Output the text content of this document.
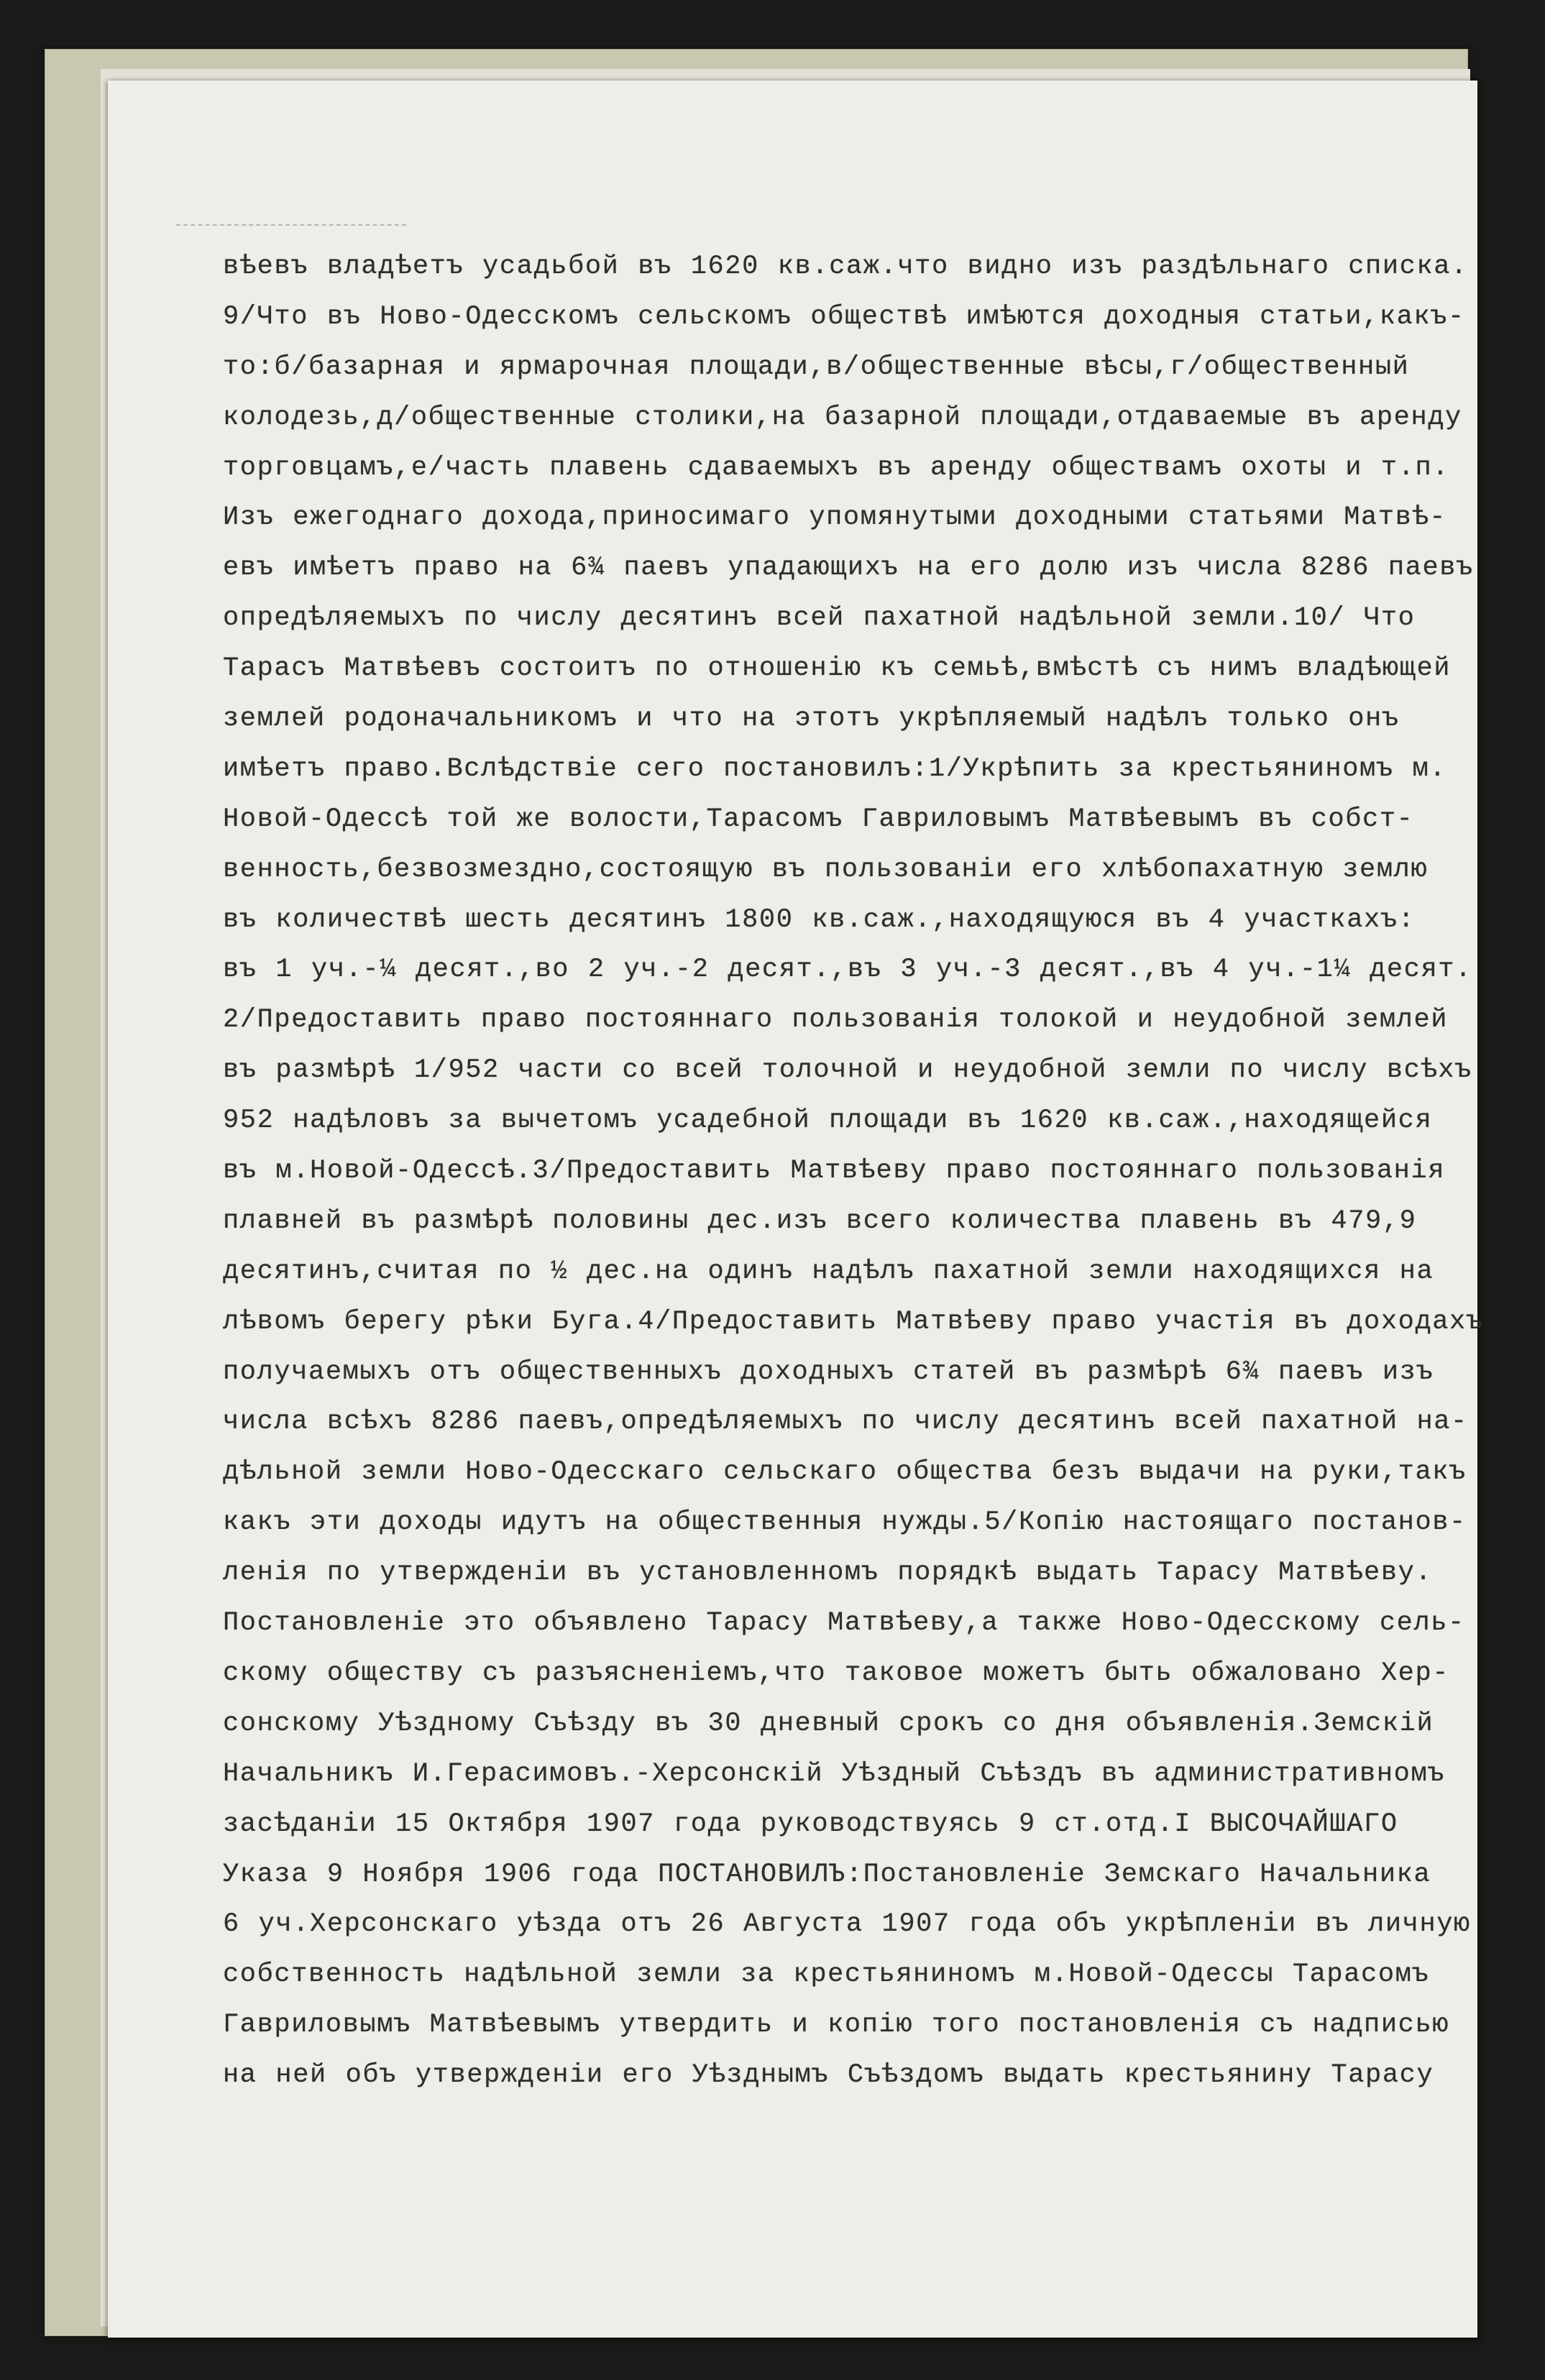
вѣевъ владѣетъ усадьбой въ 1620 кв.саж.что видно изъ раздѣльнаго списка.
9/Что въ Ново-Одесскомъ сельскомъ обществѣ имѣются доходныя статьи,какъ-
то:б/базарная и ярмарочная площади,в/общественные вѣсы,г/общественный
колодезь,д/общественные столики,на базарной площади,отдаваемые въ аренду
торговцамъ,е/часть плавень сдаваемыхъ въ аренду обществамъ охоты и т.п.
Изъ ежегоднаго дохода,приносимаго упомянутыми доходными статьями Матвѣ-
евъ имѣетъ право на 6¾ паевъ упадающихъ на его долю изъ числа 8286 паевъ
опредѣляемыхъ по числу десятинъ всей пахатной надѣльной земли.10/ Что
Тарасъ Матвѣевъ состоитъ по отношенію къ семьѣ,вмѣстѣ съ нимъ владѣющей
землей родоначальникомъ и что на этотъ укрѣпляемый надѣлъ только онъ
имѣетъ право.Вслѣдствіе сего постановилъ:1/Укрѣпить за крестьяниномъ м.
Новой-Одессѣ той же волости,Тарасомъ Гавриловымъ Матвѣевымъ въ собст-
венность,безвозмездно,состоящую въ пользованіи его хлѣбопахатную землю
въ количествѣ шесть десятинъ 1800 кв.саж.,находящуюся въ 4 участкахъ:
въ 1 уч.-¼ десят.,во 2 уч.-2 десят.,въ 3 уч.-3 десят.,въ 4 уч.-1¼ десят.
2/Предоставить право постояннаго пользованія толокой и неудобной землей
въ размѣрѣ 1/952 части со всей толочной и неудобной земли по числу всѣхъ
952 надѣловъ за вычетомъ усадебной площади въ 1620 кв.саж.,находящейся
въ м.Новой-Одессѣ.3/Предоставить Матвѣеву право постояннаго пользованія
плавней въ размѣрѣ половины дес.изъ всего количества плавень въ 479,9
десятинъ,считая по ½ дес.на одинъ надѣлъ пахатной земли находящихся на
лѣвомъ берегу рѣки Буга.4/Предоставить Матвѣеву право участія въ доходахъ
получаемыхъ отъ общественныхъ доходныхъ статей въ размѣрѣ 6¾ паевъ изъ
числа всѣхъ 8286 паевъ,опредѣляемыхъ по числу десятинъ всей пахатной на-
дѣльной земли Ново-Одесскаго сельскаго общества безъ выдачи на руки,такъ
какъ эти доходы идутъ на общественныя нужды.5/Копію настоящаго постанов-
ленія по утвержденіи въ установленномъ порядкѣ выдать Тарасу Матвѣеву.
Постановленіе это объявлено Тарасу Матвѣеву,а также Ново-Одесскому сель-
скому обществу съ разъясненіемъ,что таковое можетъ быть обжаловано Хер-
сонскому Уѣздному Съѣзду въ 30 дневный срокъ со дня объявленія.Земскій
Начальникъ И.Герасимовъ.-Херсонскій Уѣздный Съѣздъ въ административномъ
засѣданіи 15 Октября 1907 года руководствуясь 9 ст.отд.I ВЫСОЧАЙШАГО
Указа 9 Ноября 1906 года ПОСТАНОВИЛЪ:Постановленіе Земскаго Начальника
6 уч.Херсонскаго уѣзда отъ 26 Августа 1907 года объ укрѣпленіи въ личную
собственность надѣльной земли за крестьяниномъ м.Новой-Одессы Тарасомъ
Гавриловымъ Матвѣевымъ утвердить и копію того постановленія съ надписью
на ней объ утвержденіи его Уѣзднымъ Съѣздомъ выдать крестьянину Тарасу
